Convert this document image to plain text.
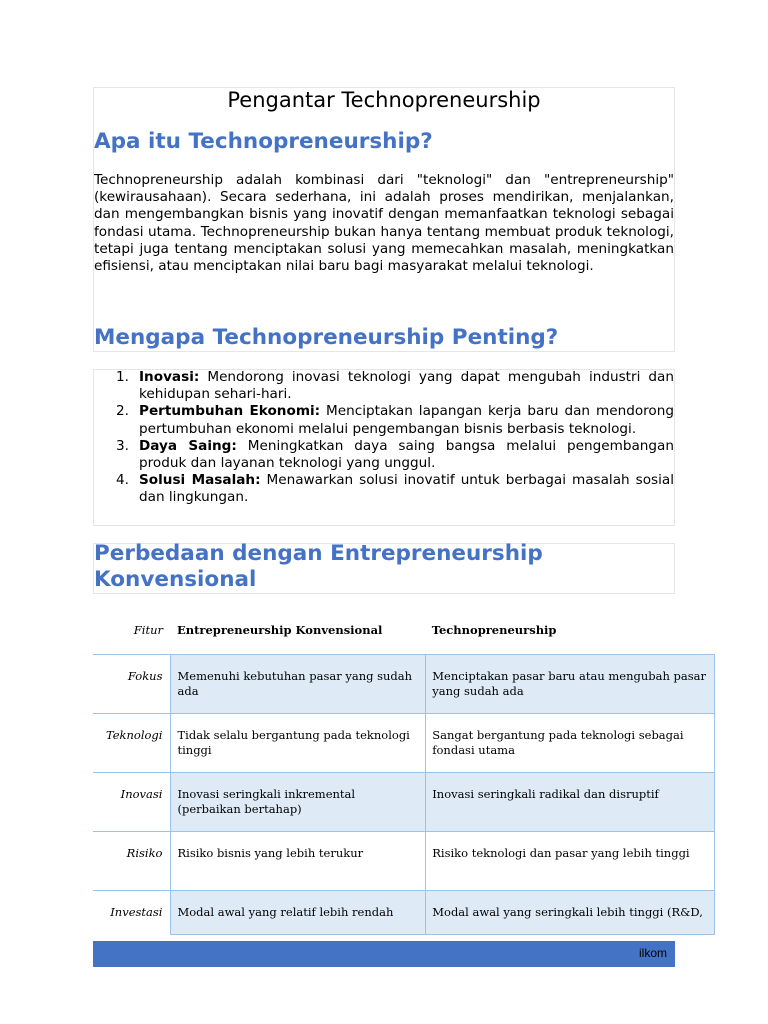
Pengantar Technopreneurship
Apa itu Technopreneurship?
Technopreneurship adalah kombinasi dari "teknologi" dan "entrepreneurship" (kewirausahaan). Secara sederhana, ini adalah proses mendirikan, menjalankan, dan mengembangkan bisnis yang inovatif dengan memanfaatkan teknologi sebagai fondasi utama. Technopreneurship bukan hanya tentang membuat produk teknologi, tetapi juga tentang menciptakan solusi yang memecahkan masalah, meningkatkan efisiensi, atau menciptakan nilai baru bagi masyarakat melalui teknologi.
Mengapa Technopreneurship Penting?
1. Inovasi: Mendorong inovasi teknologi yang dapat mengubah industri dan kehidupan sehari-hari.
2. Pertumbuhan Ekonomi: Menciptakan lapangan kerja baru dan mendorong pertumbuhan ekonomi melalui pengembangan bisnis berbasis teknologi.
3. Daya Saing: Meningkatkan daya saing bangsa melalui pengembangan produk dan layanan teknologi yang unggul.
4. Solusi Masalah: Menawarkan solusi inovatif untuk berbagai masalah sosial dan lingkungan.
Perbedaan dengan Entrepreneurship Konvensional
Fitur	Entrepreneurship Konvensional	Technopreneurship
Fokus	Memenuhi kebutuhan pasar yang sudah ada	Menciptakan pasar baru atau mengubah pasar yang sudah ada
Teknologi	Tidak selalu bergantung pada teknologi tinggi	Sangat bergantung pada teknologi sebagai fondasi utama
Inovasi	Inovasi seringkali inkremental (perbaikan bertahap)	Inovasi seringkali radikal dan disruptif
Risiko	Risiko bisnis yang lebih terukur	Risiko teknologi dan pasar yang lebih tinggi
Investasi	Modal awal yang relatif lebih rendah	Modal awal yang seringkali lebih tinggi (R&D,
ilkom
